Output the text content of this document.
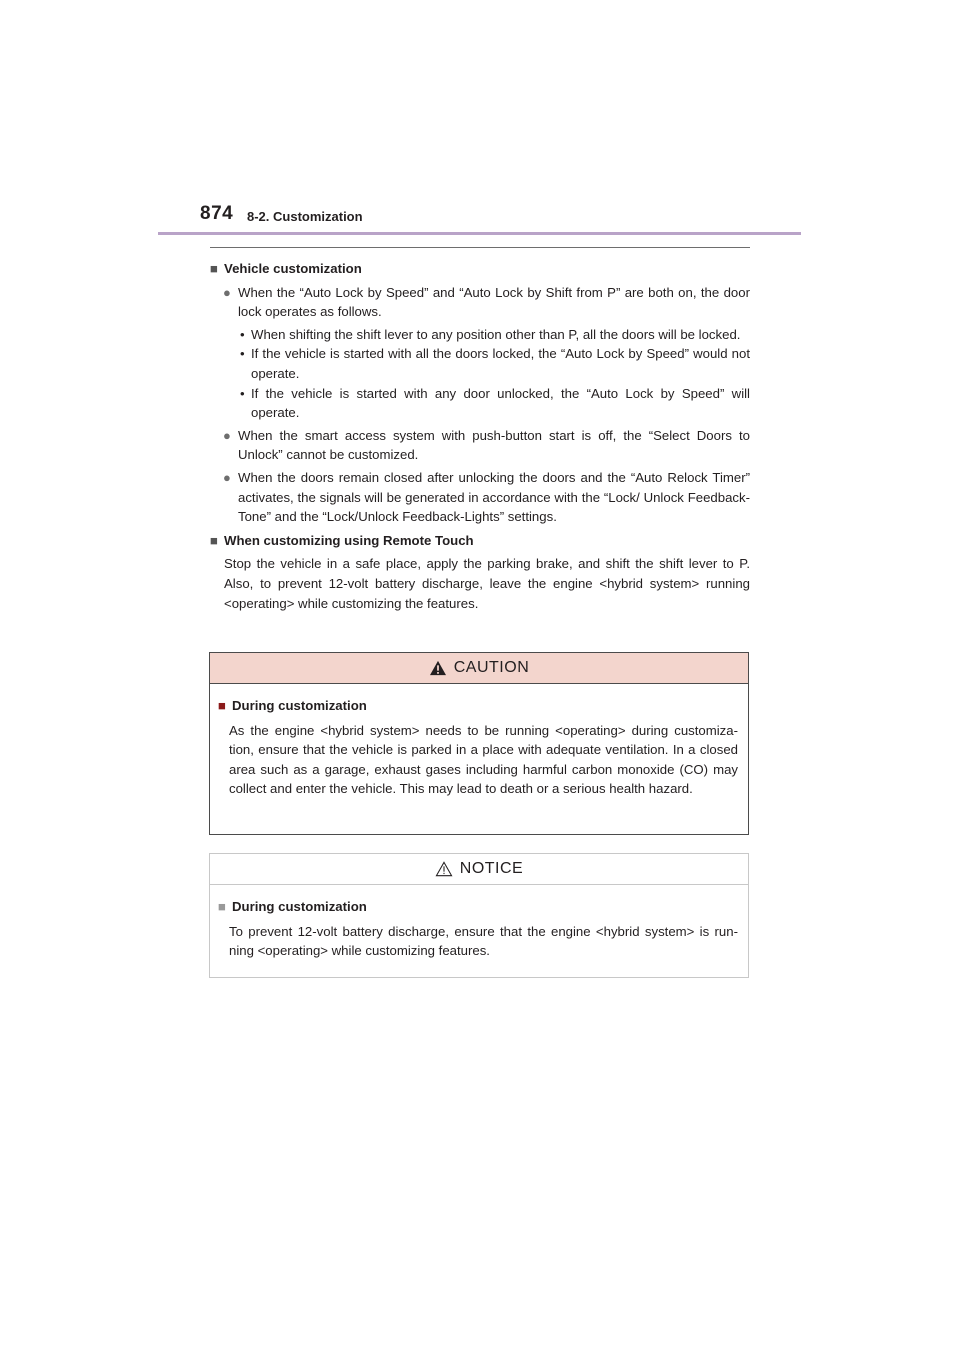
874 8-2. Customization
■ Vehicle customization
● When the “Auto Lock by Speed” and “Auto Lock by Shift from P” are both on, the door lock operates as follows.
• When shifting the shift lever to any position other than P, all the doors will be locked.
• If the vehicle is started with all the doors locked, the “Auto Lock by Speed” would not operate.
• If the vehicle is started with any door unlocked, the “Auto Lock by Speed” will operate.
● When the smart access system with push-button start is off, the “Select Doors to Unlock” cannot be customized.
● When the doors remain closed after unlocking the doors and the “Auto Relock Timer” activates, the signals will be generated in accordance with the “Lock/ Unlock Feedback-Tone” and the “Lock/Unlock Feedback-Lights” settings.
■ When customizing using Remote Touch

Stop the vehicle in a safe place, apply the parking brake, and shift the shift lever to P. Also, to prevent 12-volt battery discharge, leave the engine <hybrid system> running <operating> while customizing the features.

CAUTION
■ During customization

As the engine <hybrid system> needs to be running <operating> during customiza- tion, ensure that the vehicle is parked in a place with adequate ventilation. In a closed area such as a garage, exhaust gases including harmful carbon monoxide (CO) may collect and enter the vehicle. This may lead to death or a serious health hazard.

NOTICE
■ During customization

To prevent 12-volt battery discharge, ensure that the engine <hybrid system> is run- ning <operating> while customizing features.
